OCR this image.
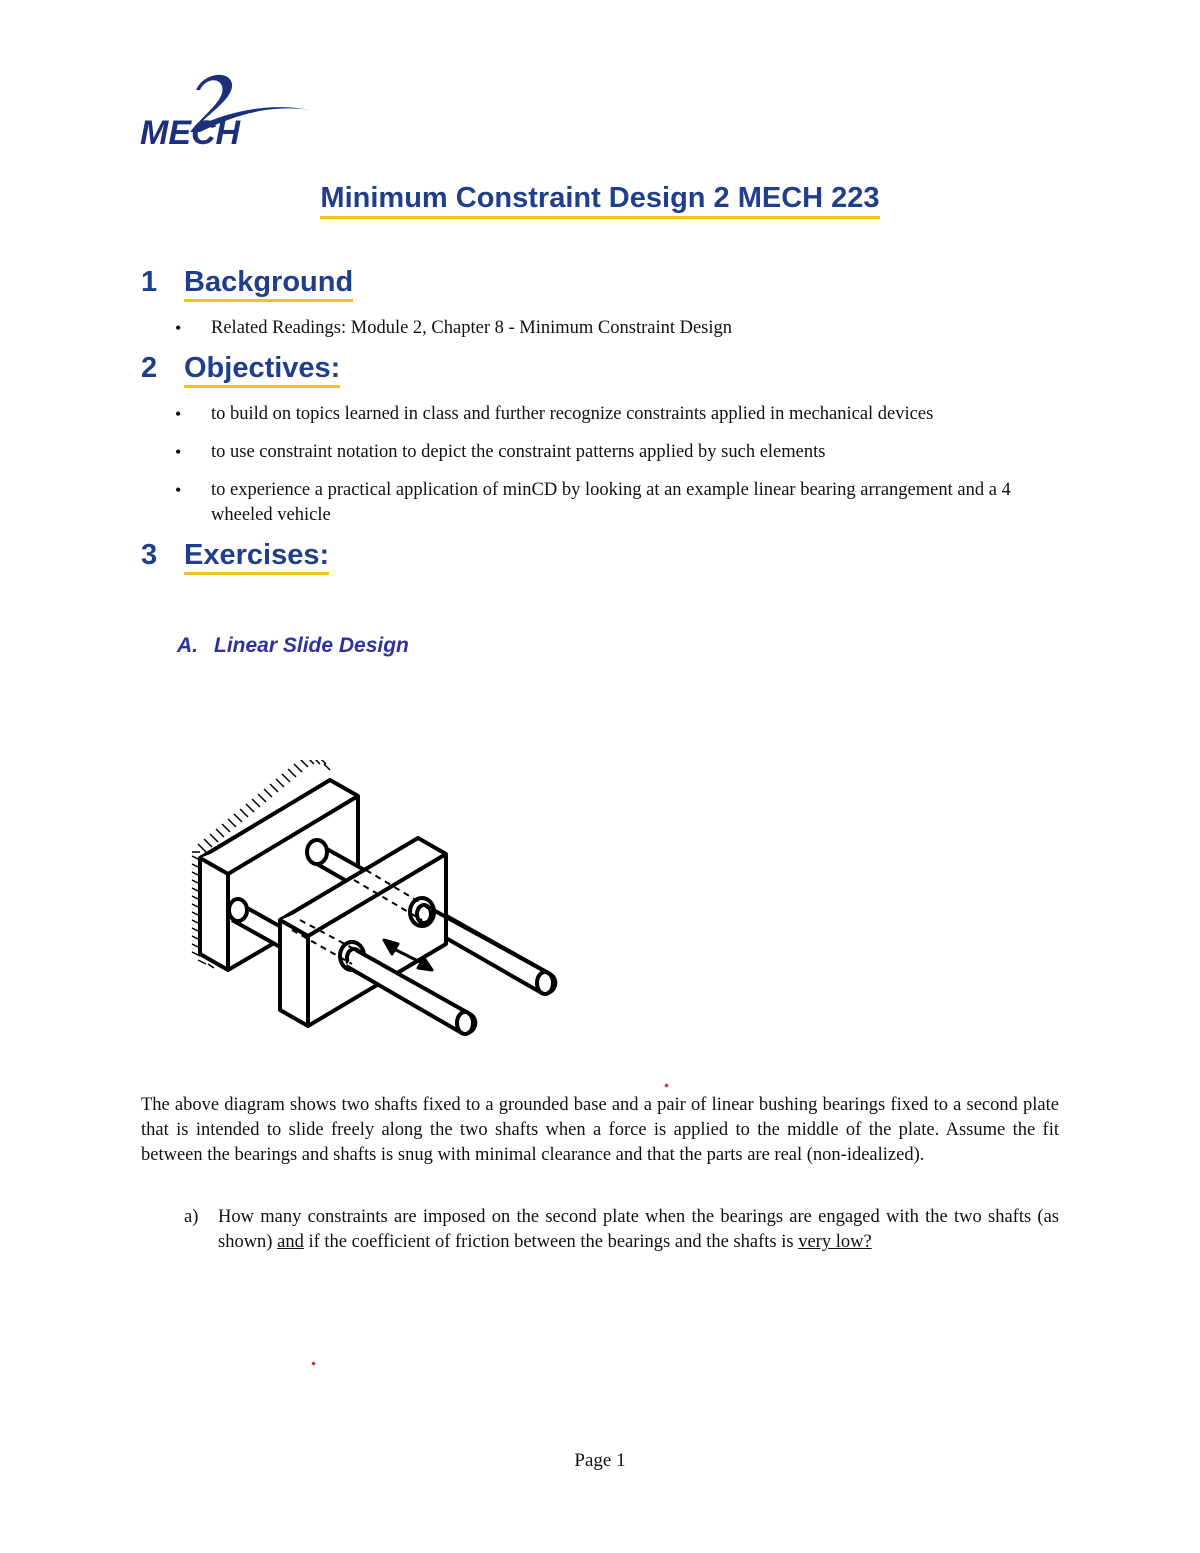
MECH
Minimum Constraint Design 2 MECH 223
1 Background
• Related Readings: Module 2, Chapter 8 - Minimum Constraint Design
2 Objectives:
• to build on topics learned in class and further recognize constraints applied in mechanical devices
• to use constraint notation to depict the constraint patterns applied by such elements
• to experience a practical application of minCD by looking at an example linear bearing arrangement and a 4 wheeled vehicle
3 Exercises:
A. Linear Slide Design

The above diagram shows two shafts fixed to a grounded base and a pair of linear bushing bearings fixed to a second plate that is intended to slide freely along the two shafts when a force is applied to the middle of the plate. Assume the fit between the bearings and shafts is snug with minimal clearance and that the parts are real (non-idealized).

a) How many constraints are imposed on the second plate when the bearings are engaged with the two shafts (as shown) and if the coefficient of friction between the bearings and the shafts is very low?
Page 1
